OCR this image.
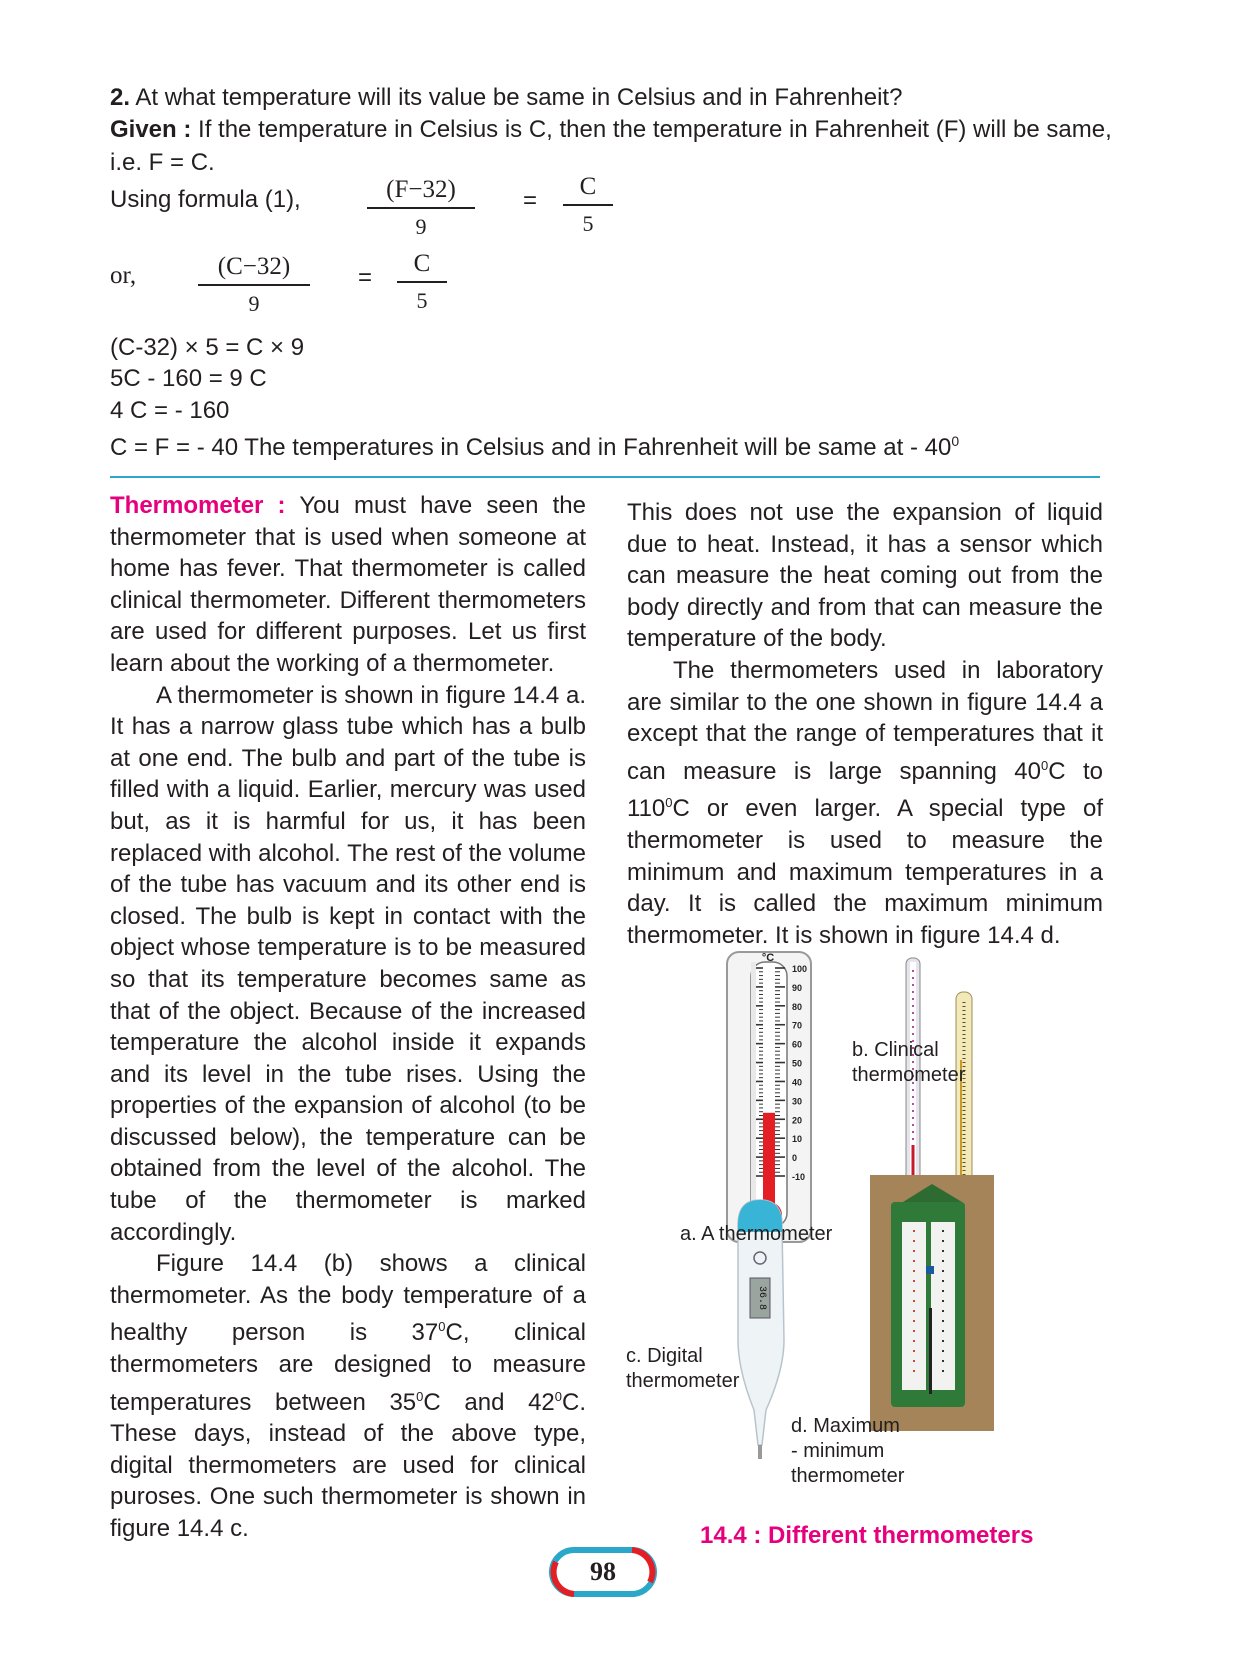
2. At what temperature will its value be same in Celsius and in Fahrenheit?
Given : If the temperature in Celsius is C, then the temperature in Fahrenheit (F) will be same,
i.e. F = C.
Using formula (1),	(F−32)
9
=
C
5
or,	(C−32)
9
=
C
5
(C-32) × 5 = C × 9
5C - 160 = 9 C
4 C = - 160
C = F = - 40 The temperatures in Celsius and in Fahrenheit will be same at - $40^0$

Thermometer : You must have seen the thermometer that is used when someone at home has fever. That thermometer is called clinical thermometer. Different thermometers are used for different purposes. Let us first learn about the working of a thermometer.

A thermometer is shown in figure 14.4 a. It has a narrow glass tube which has a bulb at one end. The bulb and part of the tube is filled with a liquid. Earlier, mercury was used but, as it is harmful for us, it has been replaced with alcohol. The rest of the volume of the tube has vacuum and its other end is closed. The bulb is kept in contact with the object whose temperature is to be measured so that its temperature becomes same as that of the object. Because of the increased temperature the alcohol inside it expands and its level in the tube rises. Using the properties of the expansion of alcohol (to be discussed below), the temperature can be obtained from the level of the alcohol. The tube of the thermometer is marked accordingly.

Figure 14.4 (b) shows a clinical thermometer. As the body temperature of a healthy person is $37^0C$, clinical thermometers are designed to measure temperatures between $35^0C$ and $42^0C$. These days, instead of the above type, digital thermometers are used for clinical puroses. One such thermometer is shown in figure 14.4 c.

This does not use the expansion of liquid due to heat. Instead, it has a sensor which can measure the heat coming out from the body directly and from that can measure the temperature of the body.

The thermometers used in laboratory are similar to the one shown in figure 14.4 a except that the range of temperatures that it can measure is large spanning $40^0C$ to $110^0C$ or even larger. A special type of thermometer is used to measure the minimum and maximum temperatures in a day. It is called the maximum minimum thermometer. It is shown in figure 14.4 d.

°C
100
90
80
70
60
50
40
30
20
10
0
-10
36.8
a. A thermometer
b. Clinical
thermometer
c. Digital
thermometer
d. Maximum
- minimum
thermometer
14.4 : Different thermometers
98
